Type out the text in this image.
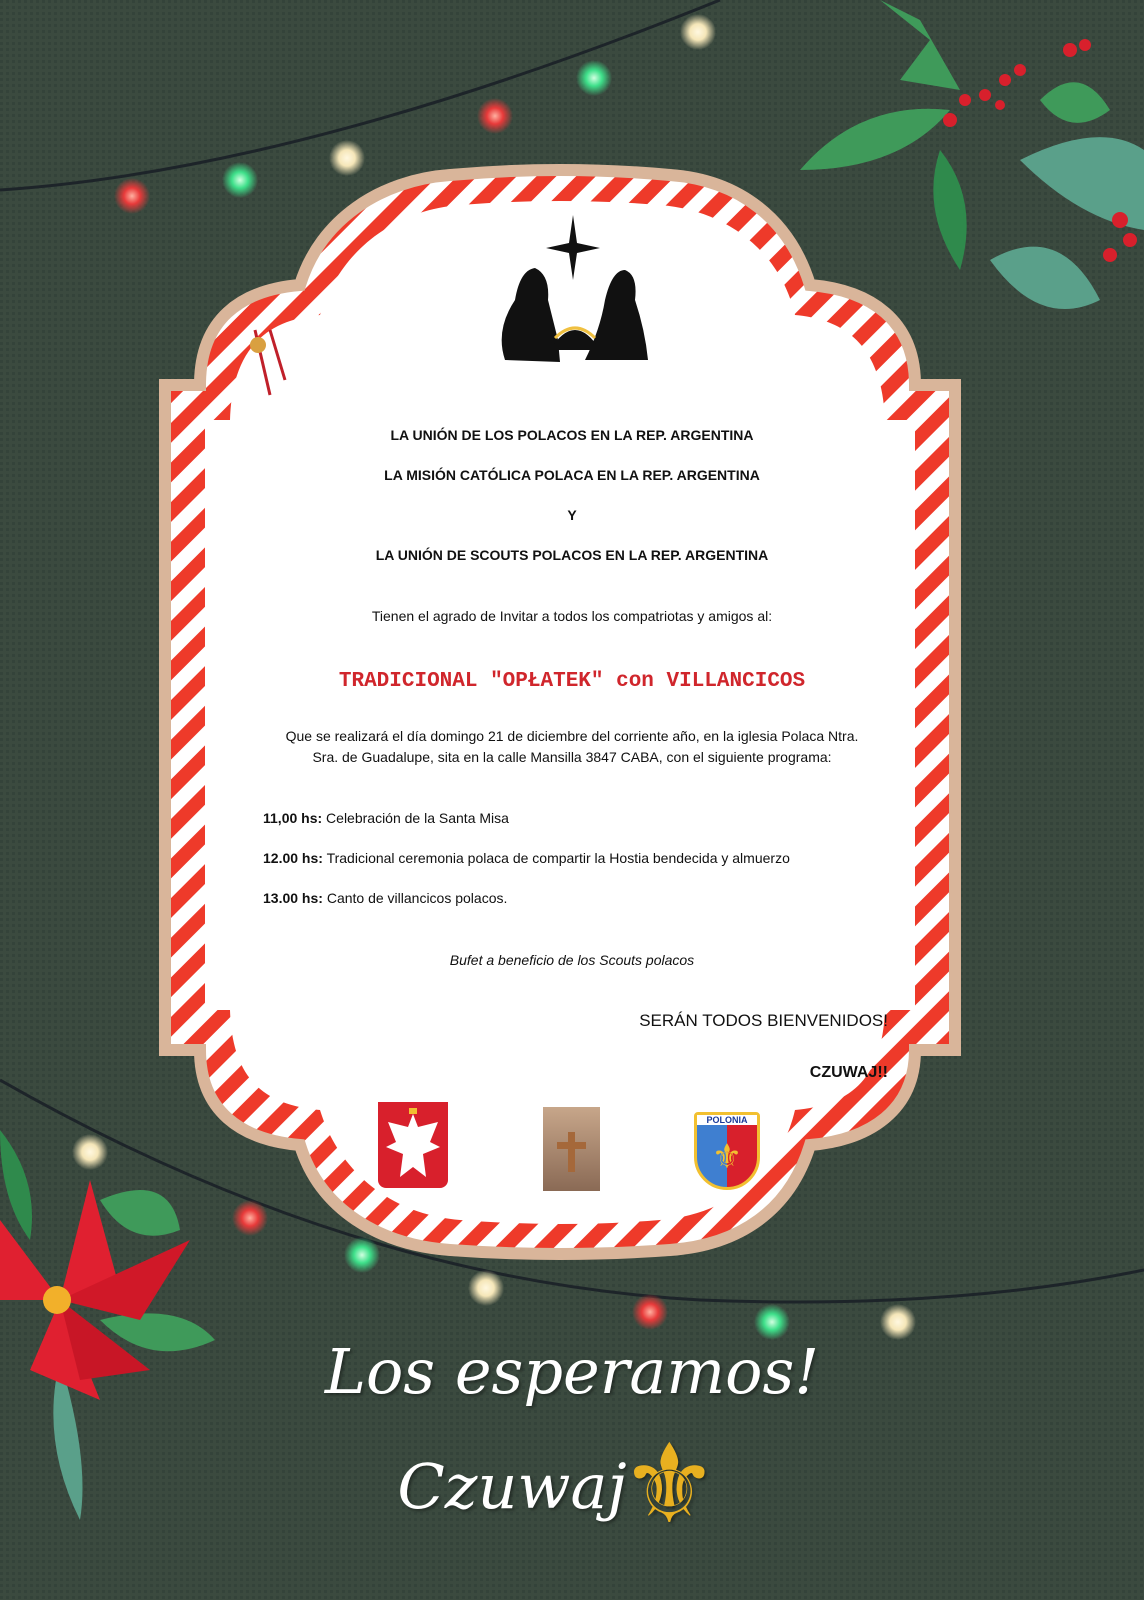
LA UNIÓN DE LOS POLACOS EN LA REP. ARGENTINA
LA MISIÓN CATÓLICA POLACA EN LA REP. ARGENTINA
Y
LA UNIÓN DE SCOUTS POLACOS EN LA REP. ARGENTINA
Tienen el agrado de Invitar a todos los compatriotas y amigos al:
TRADICIONAL "OPŁATEK" con VILLANCICOS
Que se realizará el día domingo 21 de diciembre del corriente año, en la iglesia Polaca Ntra.
Sra. de Guadalupe, sita en la calle Mansilla 3847 CABA, con el siguiente programa:
11,00 hs: Celebración de la Santa Misa
12.00 hs: Tradicional ceremonia polaca de compartir la Hostia bendecida y almuerzo
13.00 hs: Canto de villancicos polacos.
Bufet a beneficio de los Scouts polacos
SERÁN TODOS BIENVENIDOS!
CZUWAJ!!
POLONIA
⚜
Los esperamos!
Czuwaj
⚜
